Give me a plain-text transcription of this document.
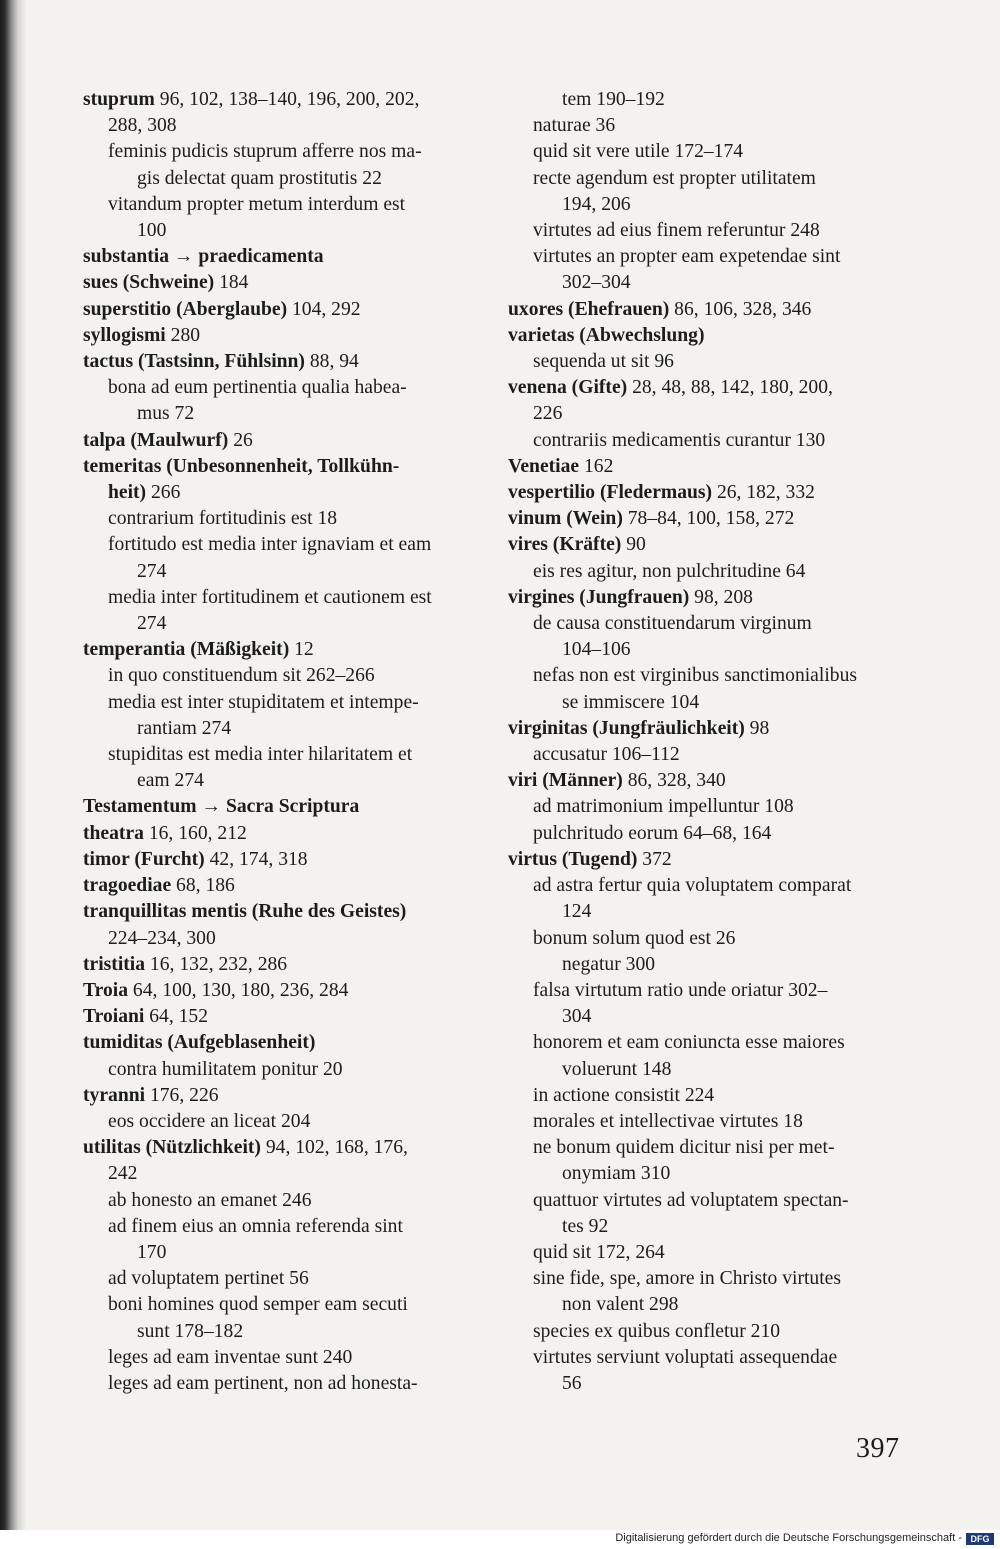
stuprum 96, 102, 138–140, 196, 200, 202,
288, 308
feminis pudicis stuprum afferre nos ma-
gis delectat quam prostitutis 22
vitandum propter metum interdum est
100
substantia → praedicamenta
sues (Schweine) 184
superstitio (Aberglaube) 104, 292
syllogismi 280
tactus (Tastsinn, Fühlsinn) 88, 94
bona ad eum pertinentia qualia habea-
mus 72
talpa (Maulwurf) 26
temeritas (Unbesonnenheit, Tollkühn-
heit) 266
contrarium fortitudinis est 18
fortitudo est media inter ignaviam et eam
274
media inter fortitudinem et cautionem est
274
temperantia (Mäßigkeit) 12
in quo constituendum sit 262–266
media est inter stupiditatem et intempe-
rantiam 274
stupiditas est media inter hilaritatem et
eam 274
Testamentum → Sacra Scriptura
theatra 16, 160, 212
timor (Furcht) 42, 174, 318
tragoediae 68, 186
tranquillitas mentis (Ruhe des Geistes)
224–234, 300
tristitia 16, 132, 232, 286
Troia 64, 100, 130, 180, 236, 284
Troiani 64, 152
tumiditas (Aufgeblasenheit)
contra humilitatem ponitur 20
tyranni 176, 226
eos occidere an liceat 204
utilitas (Nützlichkeit) 94, 102, 168, 176,
242
ab honesto an emanet 246
ad finem eius an omnia referenda sint
170
ad voluptatem pertinet 56
boni homines quod semper eam secuti
sunt 178–182
leges ad eam inventae sunt 240
leges ad eam pertinent, non ad honesta-
tem 190–192
naturae 36
quid sit vere utile 172–174
recte agendum est propter utilitatem
194, 206
virtutes ad eius finem referuntur 248
virtutes an propter eam expetendae sint
302–304
uxores (Ehefrauen) 86, 106, 328, 346
varietas (Abwechslung)
sequenda ut sit 96
venena (Gifte) 28, 48, 88, 142, 180, 200,
226
contrariis medicamentis curantur 130
Venetiae 162
vespertilio (Fledermaus) 26, 182, 332
vinum (Wein) 78–84, 100, 158, 272
vires (Kräfte) 90
eis res agitur, non pulchritudine 64
virgines (Jungfrauen) 98, 208
de causa constituendarum virginum
104–106
nefas non est virginibus sanctimonialibus
se immiscere 104
virginitas (Jungfräulichkeit) 98
accusatur 106–112
viri (Männer) 86, 328, 340
ad matrimonium impelluntur 108
pulchritudo eorum 64–68, 164
virtus (Tugend) 372
ad astra fertur quia voluptatem comparat
124
bonum solum quod est 26
negatur 300
falsa virtutum ratio unde oriatur 302–
304
honorem et eam coniuncta esse maiores
voluerunt 148
in actione consistit 224
morales et intellectivae virtutes 18
ne bonum quidem dicitur nisi per met-
onymiam 310
quattuor virtutes ad voluptatem spectan-
tes 92
quid sit 172, 264
sine fide, spe, amore in Christo virtutes
non valent 298
species ex quibus confletur 210
virtutes serviunt voluptati assequendae
56
397
Digitalisierung gefördert durch die Deutsche Forschungsgemeinschaft - DFG
